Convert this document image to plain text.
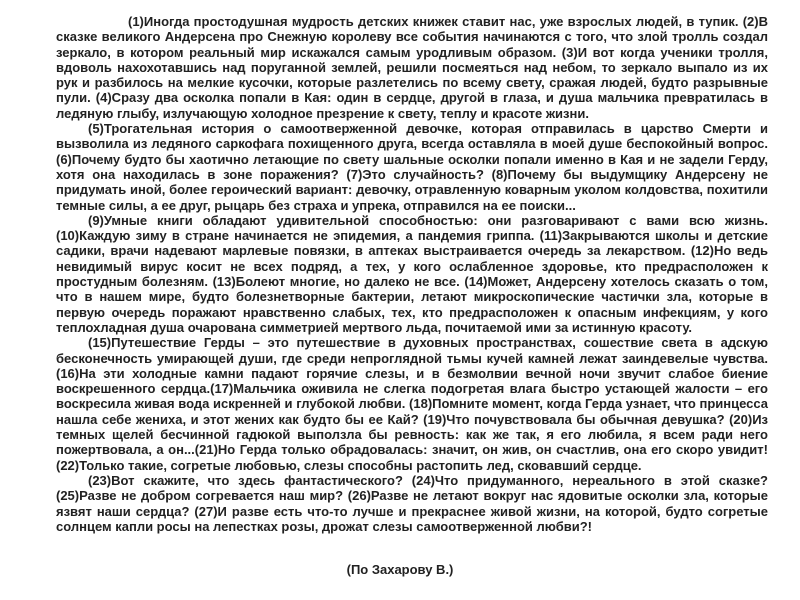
(1)Иногда простодушная мудрость детских книжек ставит нас, уже взрослых людей, в тупик. (2)В сказке великого Андерсена про Снежную королеву все события начинаются с того, что злой тролль создал зеркало, в котором реальный мир искажался самым уродливым образом. (3)И вот когда ученики тролля, вдоволь нахохотавшись над поруганной землей, решили посмеяться над небом, то зеркало выпало из их рук и разбилось на мелкие кусочки, которые разлетелись по всему свету, сражая людей, будто разрывные пули. (4)Сразу два осколка попали в Кая: один в сердце, другой в глаза, и душа мальчика превратилась в ледяную глыбу, излучающую холодное презрение к свету, теплу и красоте жизни.

(5)Трогательная история о самоотверженной девочке, которая отправилась в царство Смерти и вызволила из ледяного саркофага похищенного друга, всегда оставляла в моей душе беспокойный вопрос. (6)Почему будто бы хаотично летающие по свету шальные осколки попали именно в Кая и не задели Герду, хотя она находилась в зоне поражения? (7)Это случайность? (8)Почему бы выдумщику Андерсену не придумать иной, более героический вариант: девочку, отравленную коварным уколом колдовства, похитили темные силы, а ее друг, рыцарь без страха и упрека, отправился на ее поиски...

(9)Умные книги обладают удивительной способностью: они разговаривают с вами всю жизнь. (10)Каждую зиму в стране начинается не эпидемия, а пандемия гриппа. (11)Закрываются школы и детские садики, врачи надевают марлевые повязки, в аптеках выстраивается очередь за лекарством. (12)Но ведь невидимый вирус косит не всех подряд, а тех, у кого ослабленное здоровье, кто предрасположен к простудным болезням. (13)Болеют многие, но далеко не все. (14)Может, Андерсену хотелось сказать о том, что в нашем мире, будто болезнетворные бактерии, летают микроскопические частички зла, которые в первую очередь поражают нравственно слабых, тех, кто предрасположен к опасным инфекциям, у кого теплохладная душа очарована симметрией мертвого льда, почитаемой ими за истинную красоту.

(15)Путешествие Герды – это путешествие в духовных пространствах, сошествие света в адскую бесконечность умирающей души, где среди непроглядной тьмы кучей камней лежат заиндевелые чувства. (16)На эти холодные камни падают горячие слезы, и в безмолвии вечной ночи звучит слабое биение воскрешенного сердца.(17)Мальчика оживила не слегка подогретая влага быстро устающей жалости – его воскресила живая вода искренней и глубокой любви. (18)Помните момент, когда Герда узнает, что принцесса нашла себе жениха, и этот жених как будто бы ее Кай? (19)Что почувствовала бы обычная девушка? (20)Из темных щелей бесчинной гадюкой выползла бы ревность: как же так, я его любила, я всем ради него пожертвовала, а он...(21)Но Герда только обрадовалась: значит, он жив, он счастлив, она его скоро увидит! (22)Только такие, согретые любовью, слезы способны растопить лед, сковавший сердце.

(23)Вот скажите, что здесь фантастического? (24)Что придуманного, нереального в этой сказке? (25)Разве не добром согревается наш мир? (26)Разве не летают вокруг нас ядовитые осколки зла, которые язвят наши сердца? (27)И разве есть что-то лучше и прекраснее живой жизни, на которой, будто согретые солнцем капли росы на лепестках розы, дрожат слезы самоотверженной любви?!

(По Захарову В.)
